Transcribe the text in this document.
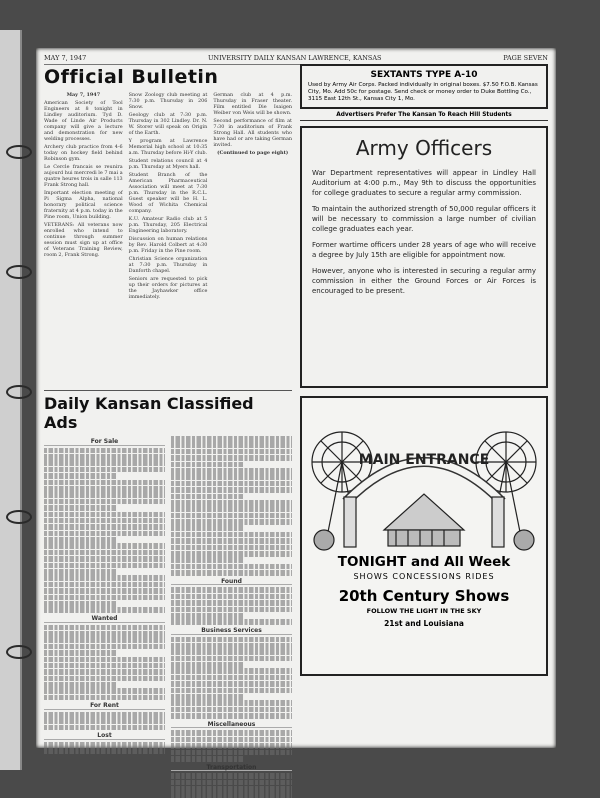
MAY 7, 1947	UNIVERSITY DAILY KANSAN LAWRENCE, KANSAS	PAGE SEVEN
Official Bulletin

May 7, 1947

American Society of Tool Engineers at 8 tonight in Lindley auditorium. Tyd D. Wade of Linde Air Products company will give a lecture and demonstration for new welding processes.

Archery club practice from 4-6 today on hockey field behind Robinson gym.

Le Cercle francais se reunira aujourd hui mercredi le 7 mai a quatre heures trois in salle 113 Frank Strong hall.

Important election meeting of Pi Sigma Alpha, national honorary political science fraternity at 4 p.m. today in the Pine room, Union building.

VETERANS: All veterans now enrolled who intend to continue through summer session must sign up at office of Veterans Training Review, room 2, Frank Strong.

Snow Zoology club meeting at 7:30 p.m. Thursday in 206 Snow.

Geology club at 7:30 p.m. Thursday in 302 Lindley. Dr. N. W. Storer will speak on Origin of the Earth.

Y program at Lawrence Memorial high school at 10:35 a.m. Thursday before Hi-Y club.

Student relations council at 4 p.m. Thursday at Myers hall.

Student Branch of the American Pharmaceutical Association will meet at 7:30 p.m. Thursday in the R.C.L. Guest speaker will be H. L. Wood of Wichita Chemical company.

K.U. Amateur Radio club at 5 p.m. Thursday, 205 Electrical Engineering laboratory.

Discussion on human relations by Rev. Harold Colbert at 4:30 p.m. Friday in the Pine room.

Christian Science organization at 7:30 p.m. Thursday in Danforth chapel.

Seniors are requested to pick up their orders for pictures at the Jayhawker office immediately.

German club at 4 p.m. Thursday in Fraser theater. Film entitled Die Isaigen Weiber von Weis will be shown.

Second performance of film at 7:30 in auditorium of Frank Strong Hall. All students who have had or are taking German invited.

(Continued to page eight)

Daily Kansan Classified Ads
For Sale
Wanted
For Rent
Lost
Found
Business Services
Miscellaneous
Transportation
SEXTANTS TYPE A-10
Used by Army Air Corps. Packed individually in original boxes. $7.50 F.O.B. Kansas City, Mo. Add 50c for postage. Send check or money order to Duke Bottling Co., 3115 East 12th St., Kansas City 1, Mo.
Advertisers Prefer The Kansan To Reach Hill Students
Army Officers

War Department representatives will appear in Lindley Hall Auditorium at 4:00 p.m., May 9th to discuss the opportunities for college graduates to secure a regular army commission.

To maintain the authorized strength of 50,000 regular officers it will be necessary to commission a large number of civilian college graduates each year.

Former wartime officers under 28 years of age who will receive a degree by July 15th are eligible for appointment now.

However, anyone who is interested in securing a regular army commission in either the Ground Forces or Air Forces is encouraged to be present.

MAIN ENTRANCE
TONIGHT and All Week
SHOWS CONCESSIONS RIDES
20th Century Shows
FOLLOW THE LIGHT IN THE SKY
21st and Louisiana
